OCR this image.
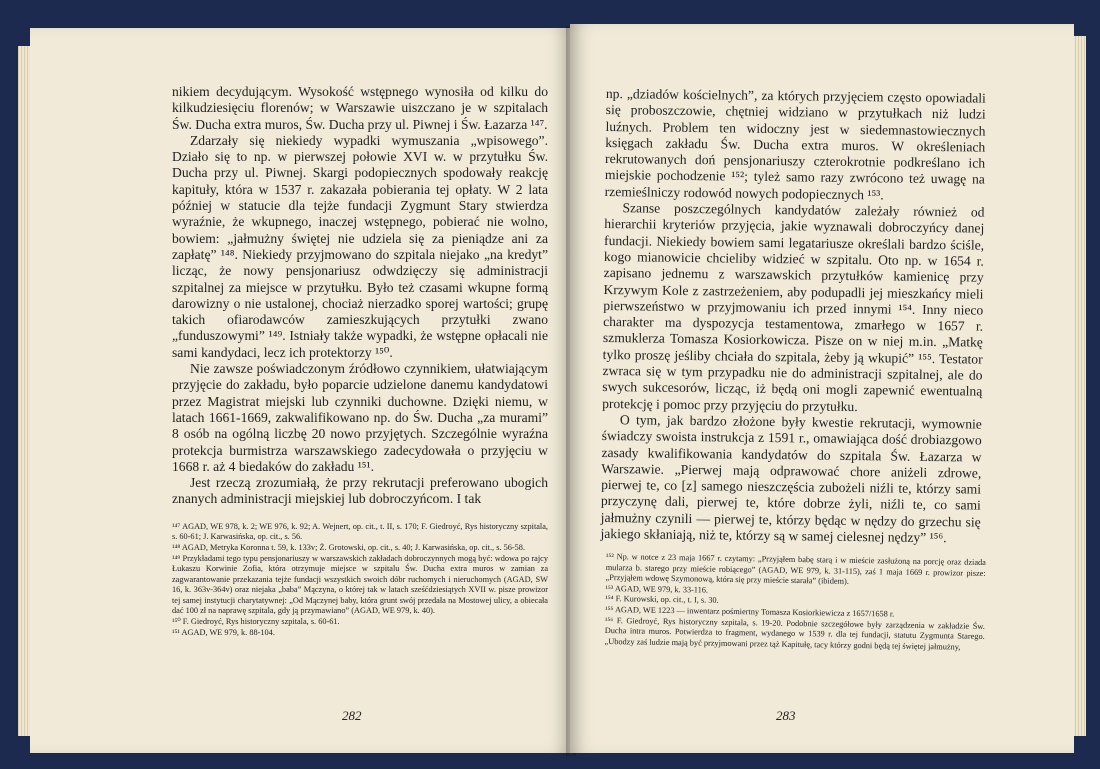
nikiem decydującym. Wysokość wstępnego wynosiła od kilku do kilkudziesięciu florenów; w Warszawie uiszczano je w szpitalach Św. Ducha extra muros, Św. Ducha przy ul. Piwnej i Św. Łazarza ¹⁴⁷.

Zdarzały się niekiedy wypadki wymuszania „wpisowego”. Działo się to np. w pierwszej połowie XVI w. w przytułku Św. Ducha przy ul. Piwnej. Skargi podopiecznych spodowały reakcję kapituły, która w 1537 r. zakazała pobierania tej opłaty. W 2 lata później w statucie dla tejże fundacji Zygmunt Stary stwierdza wyraźnie, że wkupnego, inaczej wstępnego, pobierać nie wolno, bowiem: „jałmużny świętej nie udziela się za pieniądze ani za zapłatę” ¹⁴⁸. Niekiedy przyjmowano do szpitala niejako „na kredyt” licząc, że nowy pensjonariusz odwdzięczy się administracji szpitalnej za miejsce w przytułku. Było też czasami wkupne formą darowizny o nie ustalonej, chociaż nierzadko sporej wartości; grupę takich ofiarodawców zamieszkujących przytułki zwano „funduszowymi” ¹⁴⁹. Istniały także wypadki, że wstępne opłacali nie sami kandydaci, lecz ich protektorzy ¹⁵⁰.

Nie zawsze poświadczonym źródłowo czynnikiem, ułatwiającym przyjęcie do zakładu, było poparcie udzielone danemu kandydatowi przez Magistrat miejski lub czynniki duchowne. Dzięki niemu, w latach 1661-1669, zakwalifikowano np. do Św. Ducha „za murami” 8 osób na ogólną liczbę 20 nowo przyjętych. Szczególnie wyraźna protekcja burmistrza warszawskiego zadecydowała o przyjęciu w 1668 r. aż 4 biedaków do zakładu ¹⁵¹.

Jest rzeczą zrozumiałą, że przy rekrutacji preferowano ubogich znanych administracji miejskiej lub dobroczyńcom. I tak

¹⁴⁷ AGAD, WE 978, k. 2; WE 976, k. 92; A. Wejnert, op. cit., t. II, s. 170; F. Giedroyć, Rys historyczny szpitala, s. 60-61; J. Karwasińska, op. cit., s. 56.

¹⁴⁸ AGAD, Metryka Koronna t. 59, k. 133v; Ż. Grotowski, op. cit., s. 40; J. Karwasińska, op. cit., s. 56-58.

¹⁴⁹ Przykładami tego typu pensjonariuszy w warszawskich zakładach dobroczynnych mogą być: wdowa po rajcy Łukaszu Korwinie Zofia, która otrzymuje miejsce w szpitalu Św. Ducha extra muros w zamian za zagwarantowanie przekazania tejże fundacji wszystkich swoich dóbr ruchomych i nieruchomych (AGAD, SW 16, k. 363v-364v) oraz niejaka „baba” Mączyna, o której tak w latach sześćdziesiątych XVII w. pisze prowizor tej samej instytucji charytatywnej: „Od Mączynej baby, która grunt swój przedała na Mostowej ulicy, a obiecała dać 100 zł na naprawę szpitala, gdy ją przymawiano” (AGAD, WE 979, k. 40).

¹⁵⁰ F. Giedroyć, Rys historyczny szpitala, s. 60-61.

¹⁵¹ AGAD, WE 979, k. 88-104.

282

np. „dziadów kościelnych”, za których przyjęciem często opowiadali się proboszczowie, chętniej widziano w przytułkach niż ludzi luźnych. Problem ten widoczny jest w siedemnastowiecznych księgach zakładu Św. Ducha extra muros. W określeniach rekrutowanych doń pensjonariuszy czterokrotnie podkreślano ich miejskie pochodzenie ¹⁵²; tyleż samo razy zwrócono też uwagę na rzemieślniczy rodowód nowych podopiecznych ¹⁵³.

Szanse poszczególnych kandydatów zależały również od hierarchii kryteriów przyjęcia, jakie wyznawali dobroczyńcy danej fundacji. Niekiedy bowiem sami legatariusze określali bardzo ściśle, kogo mianowicie chcieliby widzieć w szpitalu. Oto np. w 1654 r. zapisano jednemu z warszawskich przytułków kamienicę przy Krzywym Kole z zastrzeżeniem, aby podupadli jej mieszkańcy mieli pierwszeństwo w przyjmowaniu ich przed innymi ¹⁵⁴. Inny nieco charakter ma dyspozycja testamentowa, zmarłego w 1657 r. szmuklerza Tomasza Kosiorkowicza. Pisze on w niej m.in. „Matkę tylko proszę jeśliby chciała do szpitala, żeby ją wkupić” ¹⁵⁵. Testator zwraca się w tym przypadku nie do administracji szpitalnej, ale do swych sukcesorów, licząc, iż będą oni mogli zapewnić ewentualną protekcję i pomoc przy przyjęciu do przytułku.

O tym, jak bardzo złożone były kwestie rekrutacji, wymownie świadczy swoista instrukcja z 1591 r., omawiająca dość drobiazgowo zasady kwalifikowania kandydatów do szpitala Św. Łazarza w Warszawie. „Pierwej mają odprawować chore aniżeli zdrowe, pierwej te, co [z] samego nieszczęścia zubożeli niźli te, którzy sami przyczynę dali, pierwej te, które dobrze żyli, niźli te, co sami jałmużny czynili — pierwej te, którzy będąc w nędzy do grzechu się jakiego skłaniają, niż te, którzy są w samej cielesnej nędzy” ¹⁵⁶.

¹⁵² Np. w notce z 23 maja 1667 r. czytamy: „Przyjąłem babę starą i w mieście zasłużoną na porcję oraz dziada mularza b. starego przy mieście robiącego” (AGAD, WE 979, k. 31-115), zaś 1 maja 1669 r. prowizor pisze: „Przyjąłem wdowę Szymonową, która się przy mieście starała” (ibidem).

¹⁵³ AGAD, WE 979, k. 33-116.

¹⁵⁴ F. Kurowski, op. cit., t. I, s. 30.

¹⁵⁵ AGAD, WE 1223 — inwentarz pośmiertny Tomasza Kosiorkiewicza z 1657/1658 r.

¹⁵⁶ F. Giedroyć, Rys historyczny szpitala, s. 19-20. Podobnie szczegółowe były zarządzenia w zakładzie Św. Ducha intra muros. Potwierdza to fragment, wydanego w 1539 r. dla tej fundacji, statutu Zygmunta Starego. „Ubodzy zaś ludzie mają być przyjmowani przez tąż Kapitułę, tacy którzy godni będą tej świętej jałmużny,

283
